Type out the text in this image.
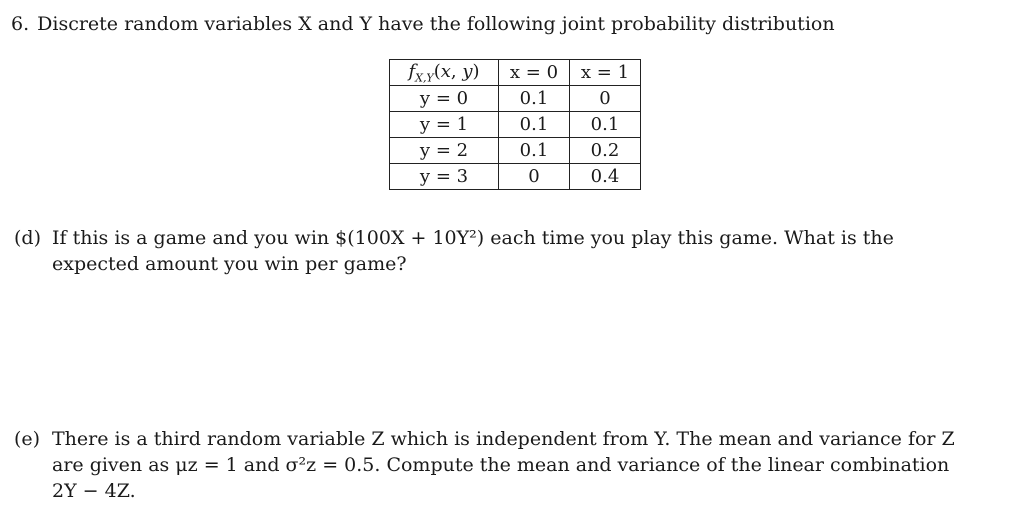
6. Discrete random variables X and Y have the following joint probability distribution
$f_{X,Y}(x$, y)	x = 0	x = 1
y = 0	0.1	0
y = 1	0.1	0.1
y = 2	0.1	0.2
y = 3	0	0.4
(d) If this is a game and you win $(100X + 10Y²) each time you play this game. What is the expected amount you win per game?
(e) There is a third random variable Z which is independent from Y. The mean and variance for Z are given as μz = 1 and σ²z = 0.5. Compute the mean and variance of the linear combination 2Y − 4Z.
